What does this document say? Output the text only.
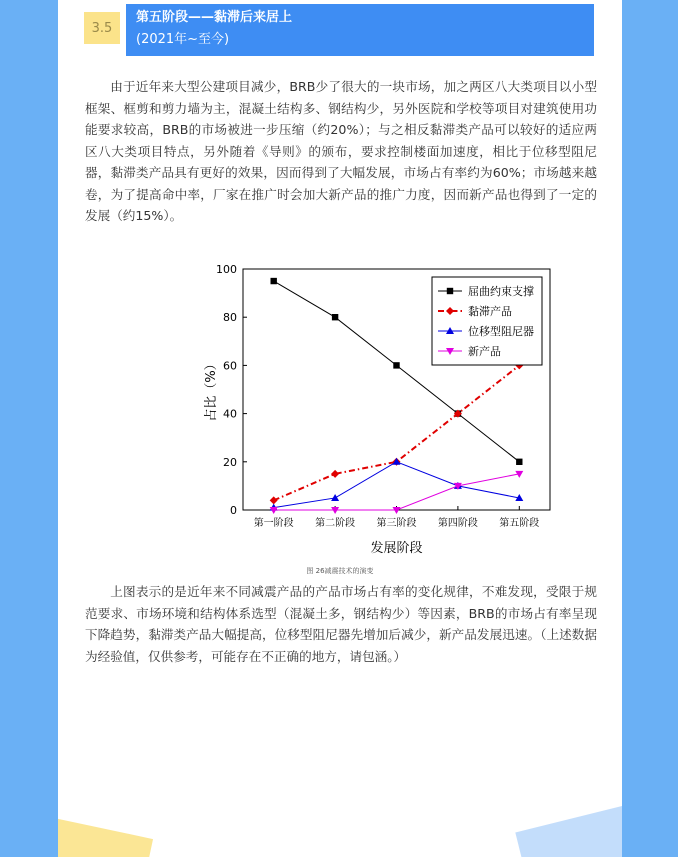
3.5
第五阶段——黏滞后来居上
(2021年~至今)

由于近年来大型公建项目减少，BRB少了很大的一块市场，加之两区八大类项目以小型框架、框剪和剪力墙为主，混凝土结构多、钢结构少，另外医院和学校等项目对建筑使用功能要求较高，BRB的市场被进一步压缩（约20%）；与之相反黏滞类产品可以较好的适应两区八大类项目特点，另外随着《导则》的颁布，要求控制楼面加速度，相比于位移型阻尼器，黏滞类产品具有更好的效果，因而得到了大幅发展，市场占有率约为60%；市场越来越卷，为了提高命中率，厂家在推广时会加大新产品的推广力度，因而新产品也得到了一定的发展（约15%）。

0
20
40
60
80
100
第一阶段 第二阶段 第三阶段 第四阶段 第五阶段
发展阶段
占比（%）
屈曲约束支撑
黏滞产品
位移型阻尼器
新产品
图 26减震技术的演变

上图表示的是近年来不同减震产品的产品市场占有率的变化规律，不难发现，受限于规范要求、市场环境和结构体系选型（混凝土多，钢结构少）等因素，BRB的市场占有率呈现下降趋势，黏滞类产品大幅提高，位移型阻尼器先增加后减少，新产品发展迅速。（上述数据为经验值，仅供参考，可能存在不正确的地方，请包涵。）
